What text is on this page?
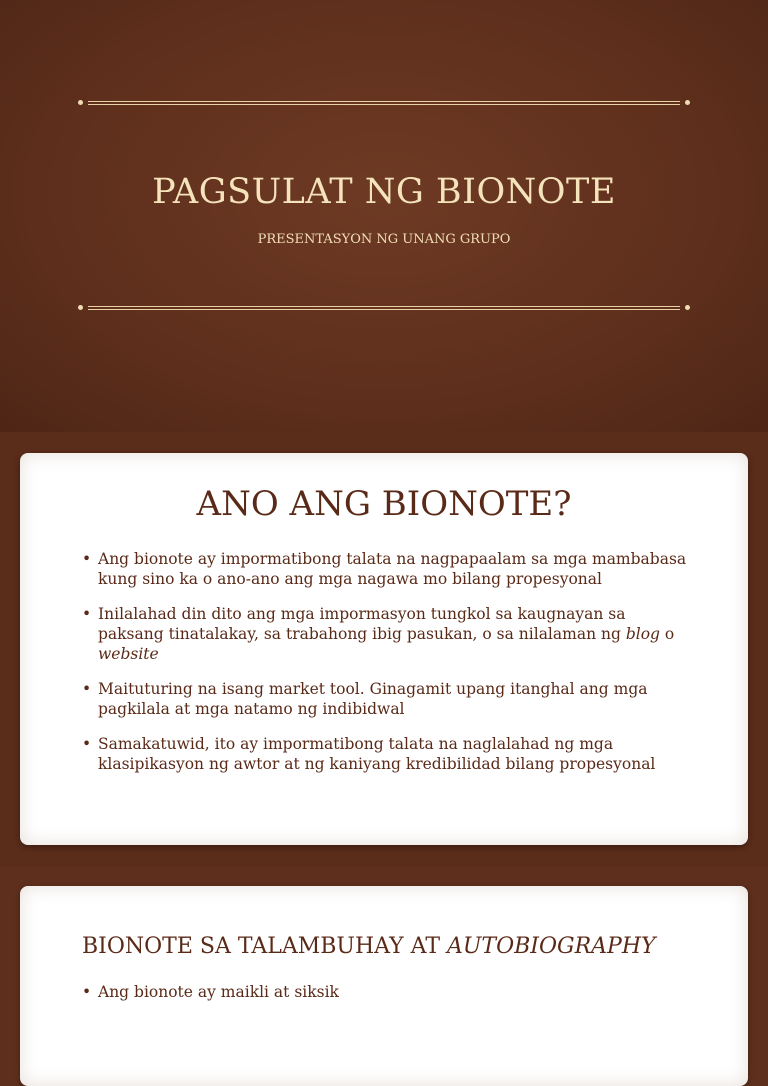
PAGSULAT NG BIONOTE
PRESENTASYON NG UNANG GRUPO
ANO ANG BIONOTE?
• Ang bionote ay impormatibong talata na nagpapaalam sa mga mambabasa kung sino ka o ano-ano ang mga nagawa mo bilang propesyonal
• Inilalahad din dito ang mga impormasyon tungkol sa kaugnayan sa paksang tinatalakay, sa trabahong ibig pasukan, o sa nilalaman ng blog o website
• Maituturing na isang market tool. Ginagamit upang itanghal ang mga pagkilala at mga natamo ng indibidwal
• Samakatuwid, ito ay impormatibong talata na naglalahad ng mga klasipikasyon ng awtor at ng kaniyang kredibilidad bilang propesyonal
BIONOTE SA TALAMBUHAY AT AUTOBIOGRAPHY
• Ang bionote ay maikli at siksik
